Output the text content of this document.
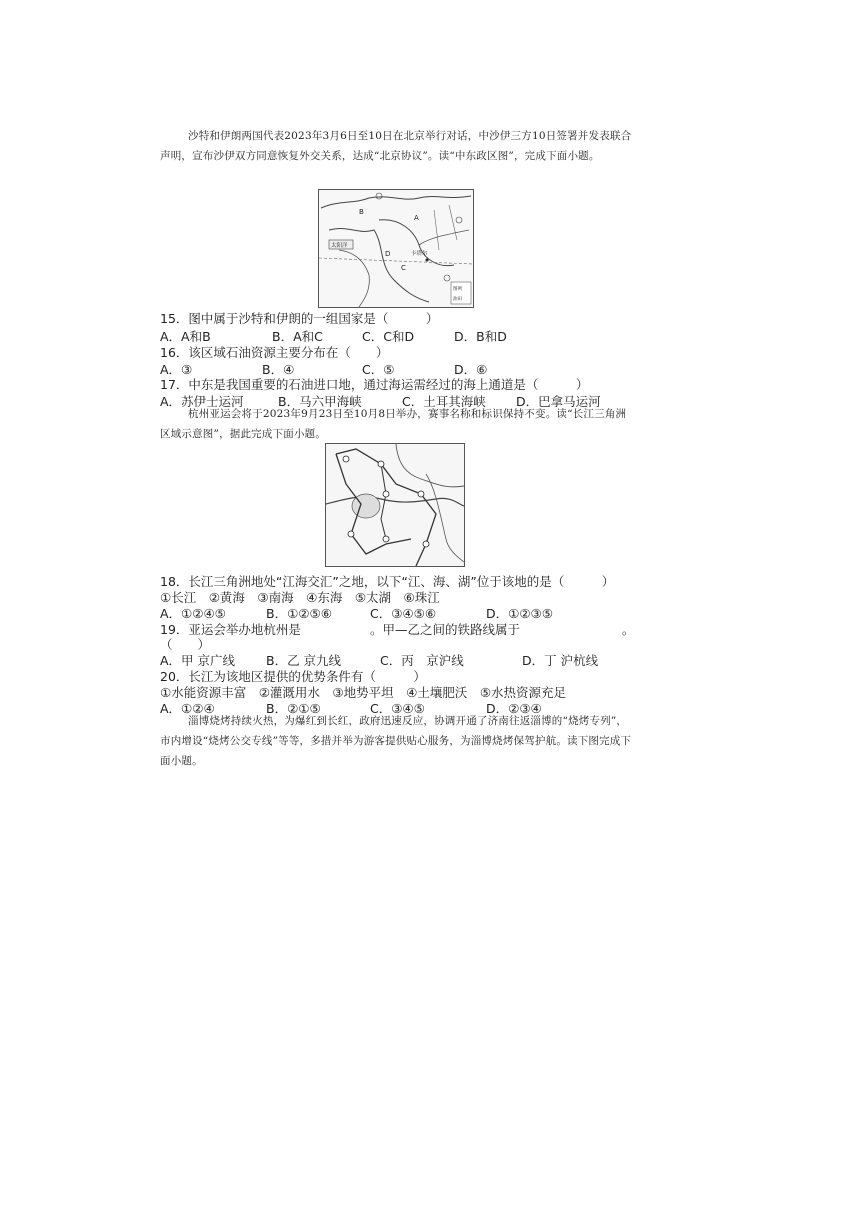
沙特和伊朗两国代表2023年3月6日至10日在北京举行对话，中沙伊三方10日签署并发表联合声明，宣布沙伊双方同意恢复外交关系，达成“北京协议”。读“中东政区图”，完成下面小题。
太阳洋
B
A
D
C
卡塔尔
图例
油田
15．图中属于沙特和伊朗的一组国家是（　　　）
A．A和B	B．A和C	C．C和D	D．B和D
16．该区域石油资源主要分布在（　　）
A．③	B．④	C．⑤	D．⑥
17．中东是我国重要的石油进口地，通过海运需经过的海上通道是（　　　）
A．苏伊士运河	B．马六甲海峡	C．土耳其海峡 D．巴拿马运河
杭州亚运会将于2023年9月23日至10月8日举办，赛事名称和标识保持不变。读“长江三角洲区域示意图”，据此完成下面小题。
18．长江三角洲地处“江海交汇”之地，以下“江、海、湖”位于该地的是（　　　）
①长江　②黄海　③南海　④东海　⑤太湖　⑥珠江
A．①②④⑤	B．①②⑤⑥	C．③④⑤⑥	D．①②③⑤
19．亚运会举办地杭州是	。甲—乙之间的铁路线属于	。
（　　）
A．甲 京广线 B．乙 京九线	C．丙　京沪线	D．丁 沪杭线
20．长江为该地区提供的优势条件有（　　　）
①水能资源丰富　②灌溉用水　③地势平坦　④土壤肥沃　⑤水热资源充足
A．①②④	B．②①⑤	C．③④⑤	D．②③④
淄博烧烤持续火热，为爆红到长红，政府迅速反应，协调开通了济南往返淄博的“烧烤专列”，市内增设“烧烤公交专线”等等，多措并举为游客提供贴心服务，为淄博烧烤保驾护航。读下图完成下面小题。
